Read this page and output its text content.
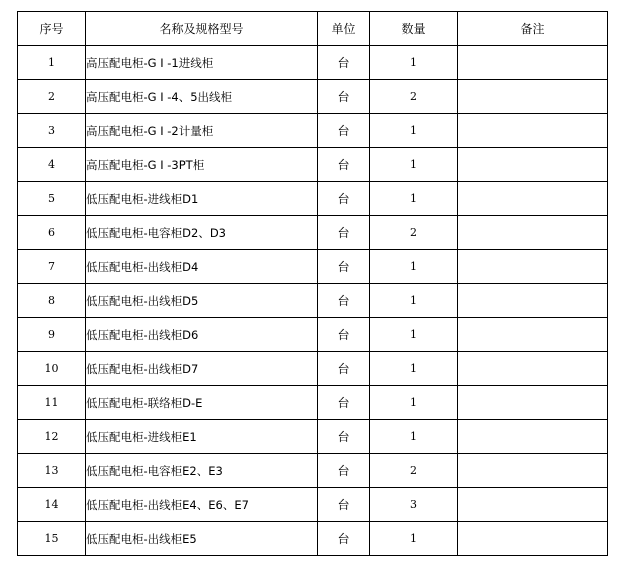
序号	名称及规格型号	单位	数量	备注
1	高压配电柜-G I -1进线柜	台	1	
2	高压配电柜-G I -4、5出线柜	台	2	
3	高压配电柜-G I -2计量柜	台	1	
4	高压配电柜-G I -3PT柜	台	1	
5	低压配电柜-进线柜D1	台	1	
6	低压配电柜-电容柜D2、D3	台	2	
7	低压配电柜-出线柜D4	台	1	
8	低压配电柜-出线柜D5	台	1	
9	低压配电柜-出线柜D6	台	1	
10	低压配电柜-出线柜D7	台	1	
11	低压配电柜-联络柜D-E	台	1	
12	低压配电柜-进线柜E1	台	1	
13	低压配电柜-电容柜E2、E3	台	2	
14	低压配电柜-出线柜E4、E6、E7	台	3	
15	低压配电柜-出线柜E5	台	1	
